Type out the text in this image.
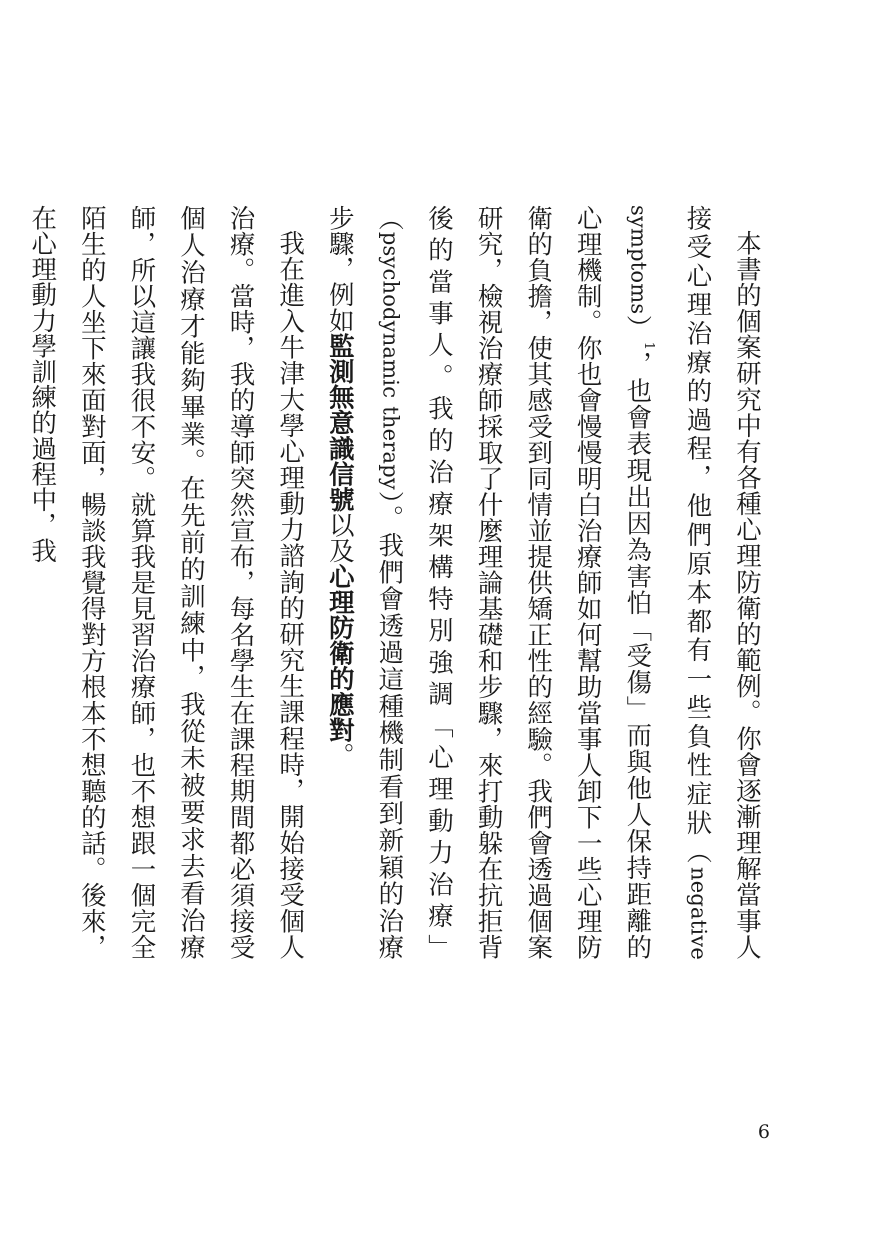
本書的個案研究中有各種心理防衛的範例。你會逐漸理解當事人接受心理治療的過程，他們原本都有一些負性症狀（negative symptoms）$^1$，也會表現出因為害怕「受傷」而與他人保持距離的心理機制。你也會慢慢明白治療師如何幫助當事人卸下一些心理防衛的負擔，使其感受到同情並提供矯正性的經驗。我們會透過個案研究，檢視治療師採取了什麼理論基礎和步驟，來打動躲在抗拒背後的當事人。我的治療架構特別強調「心理動力治療」（psychodynamic therapy）。我們會透過這種機制看到新穎的治療步驟，例如監測無意識信號以及心理防衛的應對。

我在進入牛津大學心理動力諮詢的研究生課程時，開始接受個人治療。當時，我的導師突然宣布，每名學生在課程期間都必須接受個人治療才能夠畢業。在先前的訓練中，我從未被要求去看治療師，所以這讓我很不安。就算我是見習治療師，也不想跟一個完全陌生的人坐下來面對面，暢談我覺得對方根本不想聽的話。後來，在心理動力學訓練的過程中，我

6
